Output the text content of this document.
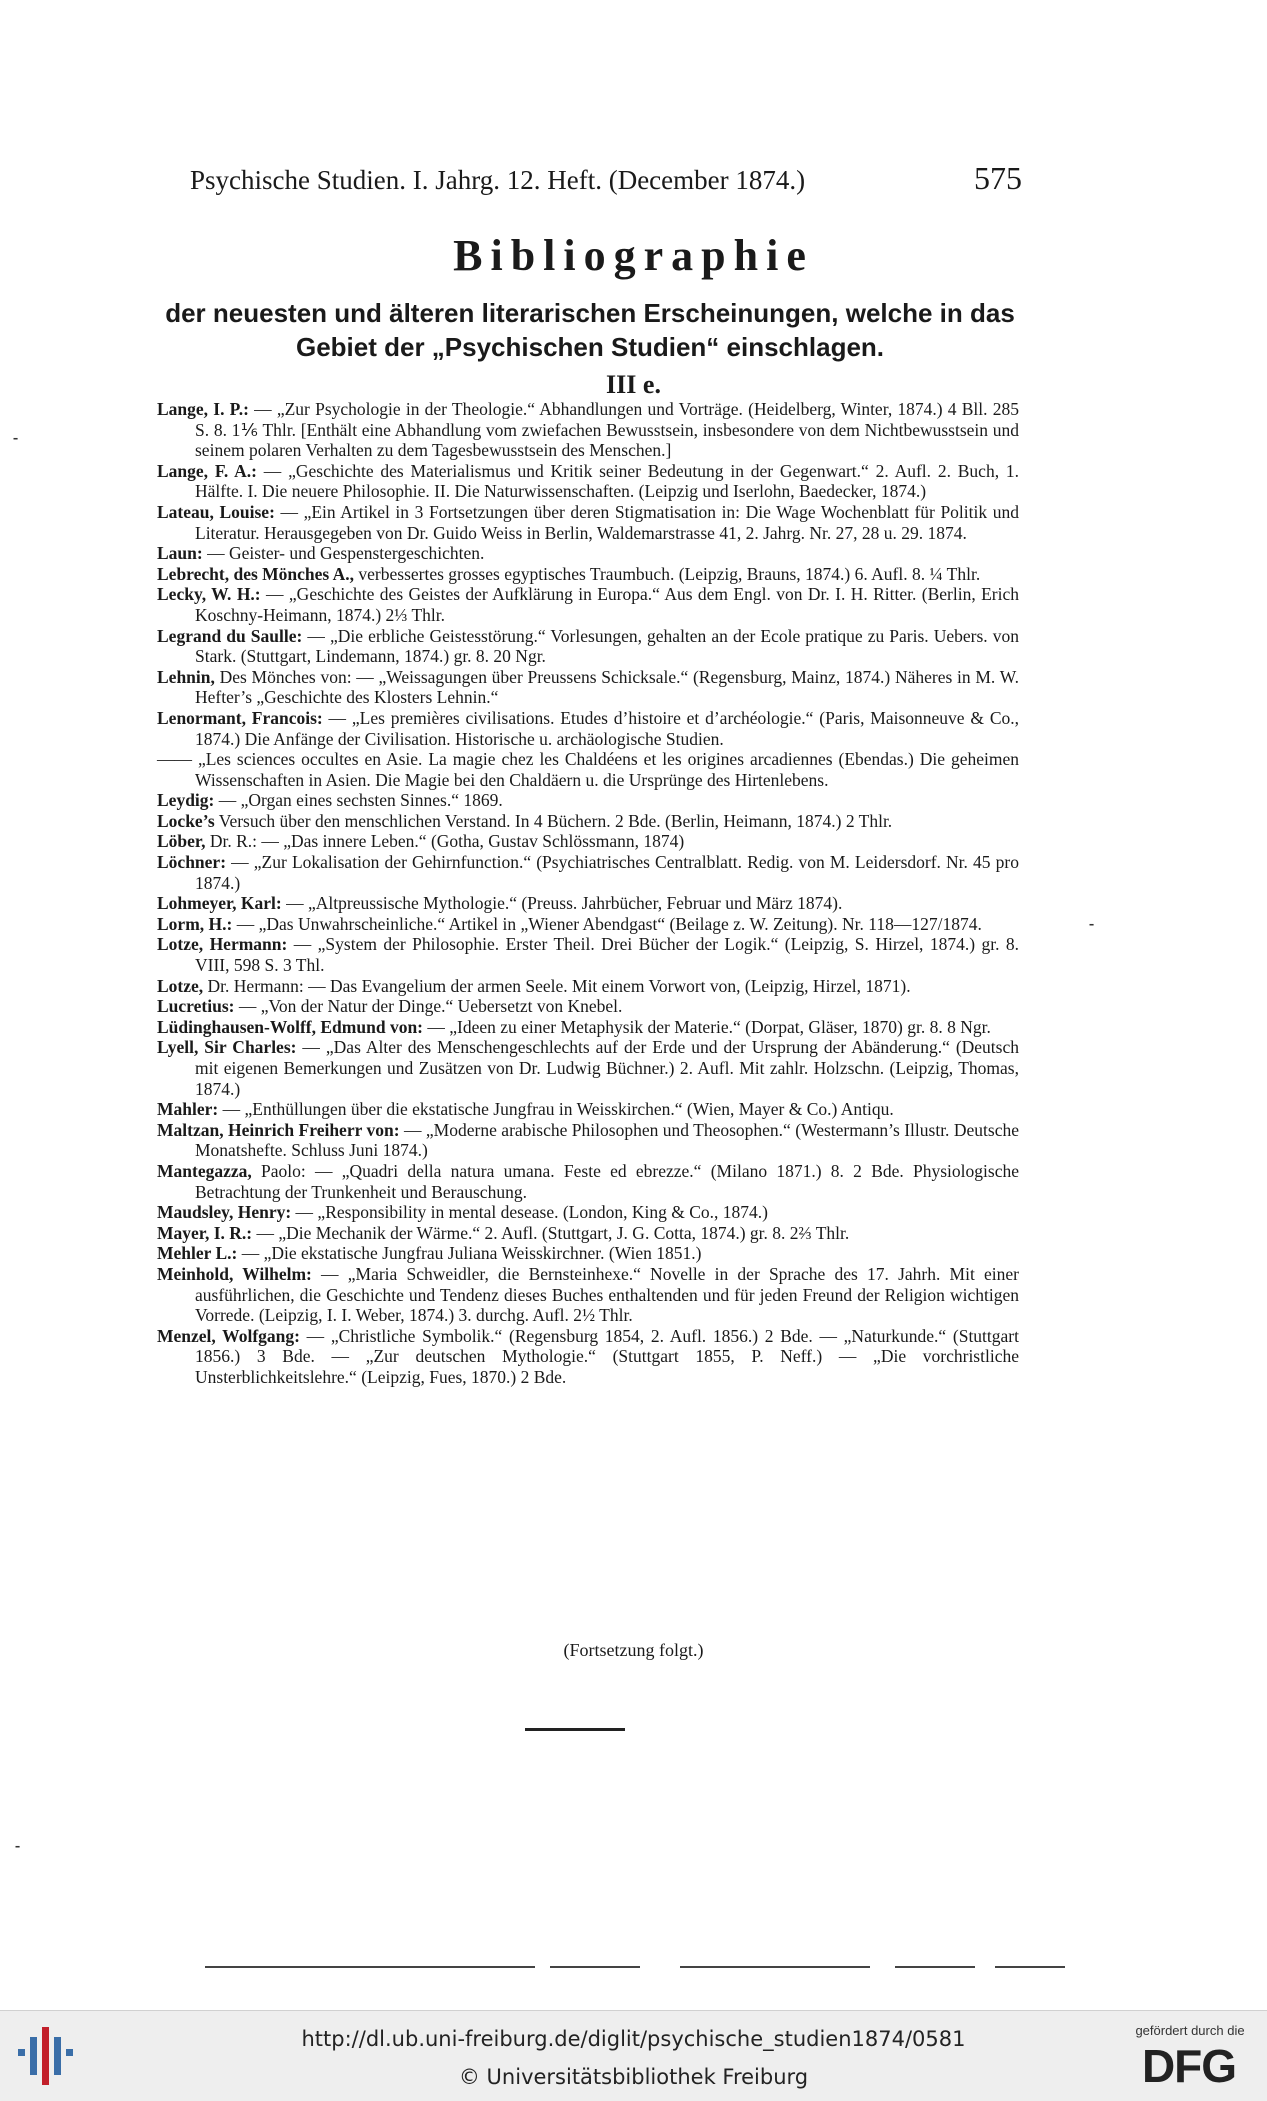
Psychische Studien. I. Jahrg. 12. Heft. (December 1874.)	575
Bibliographie
der neuesten und älteren literarischen Erscheinungen, welche in das Gebiet der „Psychischen Studien“ einschlagen.
III e.
Lange, I. P.: — „Zur Psychologie in der Theologie.“ Abhandlungen und Vorträge. (Heidelberg, Winter, 1874.) 4 Bll. 285 S. 8. 1⅙ Thlr. [Enthält eine Abhandlung vom zwiefachen Bewusstsein, insbesondere von dem Nichtbewusstsein und seinem polaren Verhalten zu dem Tagesbewusstsein des Menschen.]
Lange, F. A.: — „Geschichte des Materialismus und Kritik seiner Bedeutung in der Gegenwart.“ 2. Aufl. 2. Buch, 1. Hälfte. I. Die neuere Philosophie. II. Die Naturwissenschaften. (Leipzig und Iserlohn, Baedecker, 1874.)
Lateau, Louise: — „Ein Artikel in 3 Fortsetzungen über deren Stigmatisation in: Die Wage Wochenblatt für Politik und Literatur. Herausgegeben von Dr. Guido Weiss in Berlin, Waldemarstrasse 41, 2. Jahrg. Nr. 27, 28 u. 29. 1874.
Laun: — Geister- und Gespenstergeschichten.
Lebrecht, des Mönches A., verbessertes grosses egyptisches Traumbuch. (Leipzig, Brauns, 1874.) 6. Aufl. 8. ¼ Thlr.
Lecky, W. H.: — „Geschichte des Geistes der Aufklärung in Europa.“ Aus dem Engl. von Dr. I. H. Ritter. (Berlin, Erich Koschny-Heimann, 1874.) 2⅓ Thlr.
Legrand du Saulle: — „Die erbliche Geistesstörung.“ Vorlesungen, gehalten an der Ecole pratique zu Paris. Uebers. von Stark. (Stuttgart, Lindemann, 1874.) gr. 8. 20 Ngr.
Lehnin, Des Mönches von: — „Weissagungen über Preussens Schicksale.“ (Regensburg, Mainz, 1874.) Näheres in M. W. Hefter’s „Geschichte des Klosters Lehnin.“
Lenormant, Francois: — „Les premières civilisations. Etudes d’histoire et d’archéologie.“ (Paris, Maisonneuve & Co., 1874.) Die Anfänge der Civilisation. Historische u. archäologische Studien.
—— „Les sciences occultes en Asie. La magie chez les Chaldéens et les origines arcadiennes (Ebendas.) Die geheimen Wissenschaften in Asien. Die Magie bei den Chaldäern u. die Ursprünge des Hirtenlebens.
Leydig: — „Organ eines sechsten Sinnes.“ 1869.
Locke’s Versuch über den menschlichen Verstand. In 4 Büchern. 2 Bde. (Berlin, Heimann, 1874.) 2 Thlr.
Löber, Dr. R.: — „Das innere Leben.“ (Gotha, Gustav Schlössmann, 1874)
Löchner: — „Zur Lokalisation der Gehirnfunction.“ (Psychiatrisches Centralblatt. Redig. von M. Leidersdorf. Nr. 45 pro 1874.)
Lohmeyer, Karl: — „Altpreussische Mythologie.“ (Preuss. Jahrbücher, Februar und März 1874).
Lorm, H.: — „Das Unwahrscheinliche.“ Artikel in „Wiener Abendgast“ (Beilage z. W. Zeitung). Nr. 118—127/1874.
Lotze, Hermann: — „System der Philosophie. Erster Theil. Drei Bücher der Logik.“ (Leipzig, S. Hirzel, 1874.) gr. 8. VIII, 598 S. 3 Thl.
Lotze, Dr. Hermann: — Das Evangelium der armen Seele. Mit einem Vorwort von, (Leipzig, Hirzel, 1871).
Lucretius: — „Von der Natur der Dinge.“ Uebersetzt von Knebel.
Lüdinghausen-Wolff, Edmund von: — „Ideen zu einer Metaphysik der Materie.“ (Dorpat, Gläser, 1870) gr. 8. 8 Ngr.
Lyell, Sir Charles: — „Das Alter des Menschengeschlechts auf der Erde und der Ursprung der Abänderung.“ (Deutsch mit eigenen Bemerkungen und Zusätzen von Dr. Ludwig Büchner.) 2. Aufl. Mit zahlr. Holzschn. (Leipzig, Thomas, 1874.)
Mahler: — „Enthüllungen über die ekstatische Jungfrau in Weisskirchen.“ (Wien, Mayer & Co.) Antiqu.
Maltzan, Heinrich Freiherr von: — „Moderne arabische Philosophen und Theosophen.“ (Westermann’s Illustr. Deutsche Monatshefte. Schluss Juni 1874.)
Mantegazza, Paolo: — „Quadri della natura umana. Feste ed ebrezze.“ (Milano 1871.) 8. 2 Bde. Physiologische Betrachtung der Trunkenheit und Berauschung.
Maudsley, Henry: — „Responsibility in mental desease. (London, King & Co., 1874.)
Mayer, I. R.: — „Die Mechanik der Wärme.“ 2. Aufl. (Stuttgart, J. G. Cotta, 1874.) gr. 8. 2⅔ Thlr.
Mehler L.: — „Die ekstatische Jungfrau Juliana Weisskirchner. (Wien 1851.)
Meinhold, Wilhelm: — „Maria Schweidler, die Bernsteinhexe.“ Novelle in der Sprache des 17. Jahrh. Mit einer ausführlichen, die Geschichte und Tendenz dieses Buches enthaltenden und für jeden Freund der Religion wichtigen Vorrede. (Leipzig, I. I. Weber, 1874.) 3. durchg. Aufl. 2½ Thlr.
Menzel, Wolfgang: — „Christliche Symbolik.“ (Regensburg 1854, 2. Aufl. 1856.) 2 Bde. — „Naturkunde.“ (Stuttgart 1856.) 3 Bde. — „Zur deutschen Mythologie.“ (Stuttgart 1855, P. Neff.) — „Die vorchristliche Unsterblichkeitslehre.“ (Leipzig, Fues, 1870.) 2 Bde.
(Fortsetzung folgt.)
⁃
⁃
⁃
http://dl.ub.uni-freiburg.de/diglit/psychische_studien1874/0581
© Universitätsbibliothek Freiburg
gefördert durch die
DFG
